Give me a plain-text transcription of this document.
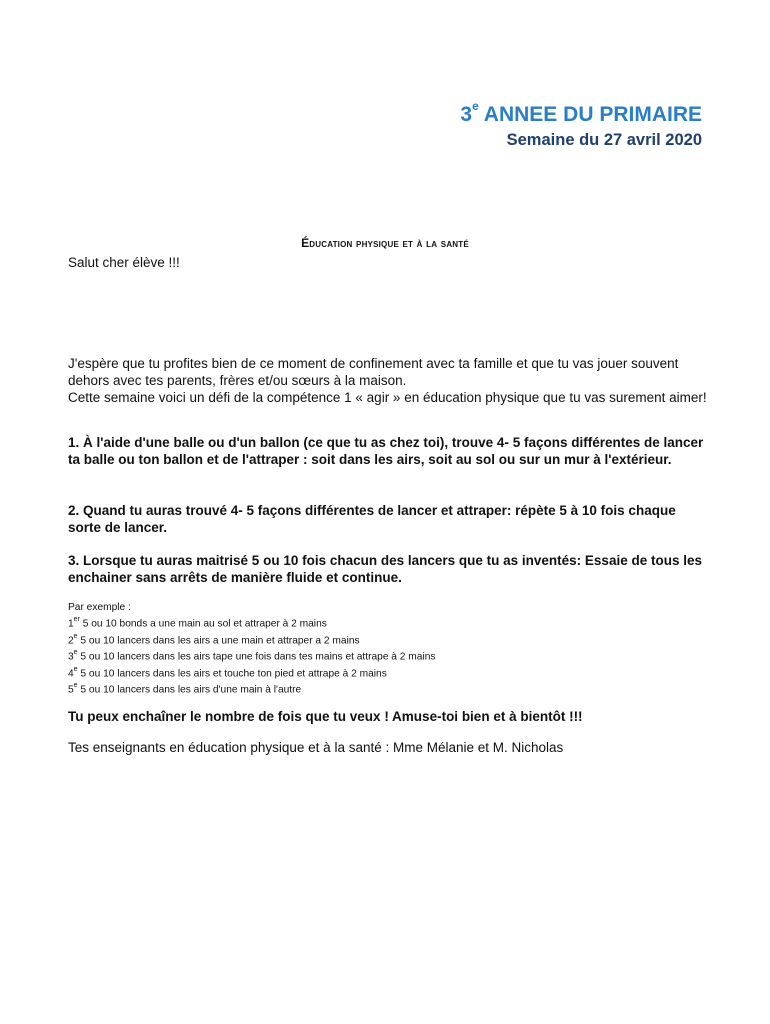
3e ANNEE DU PRIMAIRE
Semaine du 27 avril 2020
Éducation physique et à la santé
Salut cher élève !!!

J'espère que tu profites bien de ce moment de confinement avec ta famille et que tu vas jouer souvent dehors avec tes parents, frères et/ou sœurs à la maison.

Cette semaine voici un défi de la compétence 1 « agir » en éducation physique que tu vas surement aimer!

1. À l'aide d'une balle ou d'un ballon (ce que tu as chez toi), trouve 4- 5 façons différentes de lancer ta balle ou ton ballon et de l'attraper : soit dans les airs, soit au sol ou sur un mur à l'extérieur.

2. Quand tu auras trouvé 4- 5 façons différentes de lancer et attraper: répète 5 à 10 fois chaque sorte de lancer.

3. Lorsque tu auras maitrisé 5 ou 10 fois chacun des lancers que tu as inventés: Essaie de tous les enchainer sans arrêts de manière fluide et continue.

Par exemple :
1er 5 ou 10 bonds a une main au sol et attraper à 2 mains
2e 5 ou 10 lancers dans les airs a une main et attraper a 2 mains
3e 5 ou 10 lancers dans les airs tape une fois dans tes mains et attrape à 2 mains
4e 5 ou 10 lancers dans les airs et touche ton pied et attrape à 2 mains
5e 5 ou 10 lancers dans les airs d'une main à l'autre
Tu peux enchaîner le nombre de fois que tu veux ! Amuse-toi bien et à bientôt !!!
Tes enseignants en éducation physique et à la santé : Mme Mélanie et M. Nicholas
